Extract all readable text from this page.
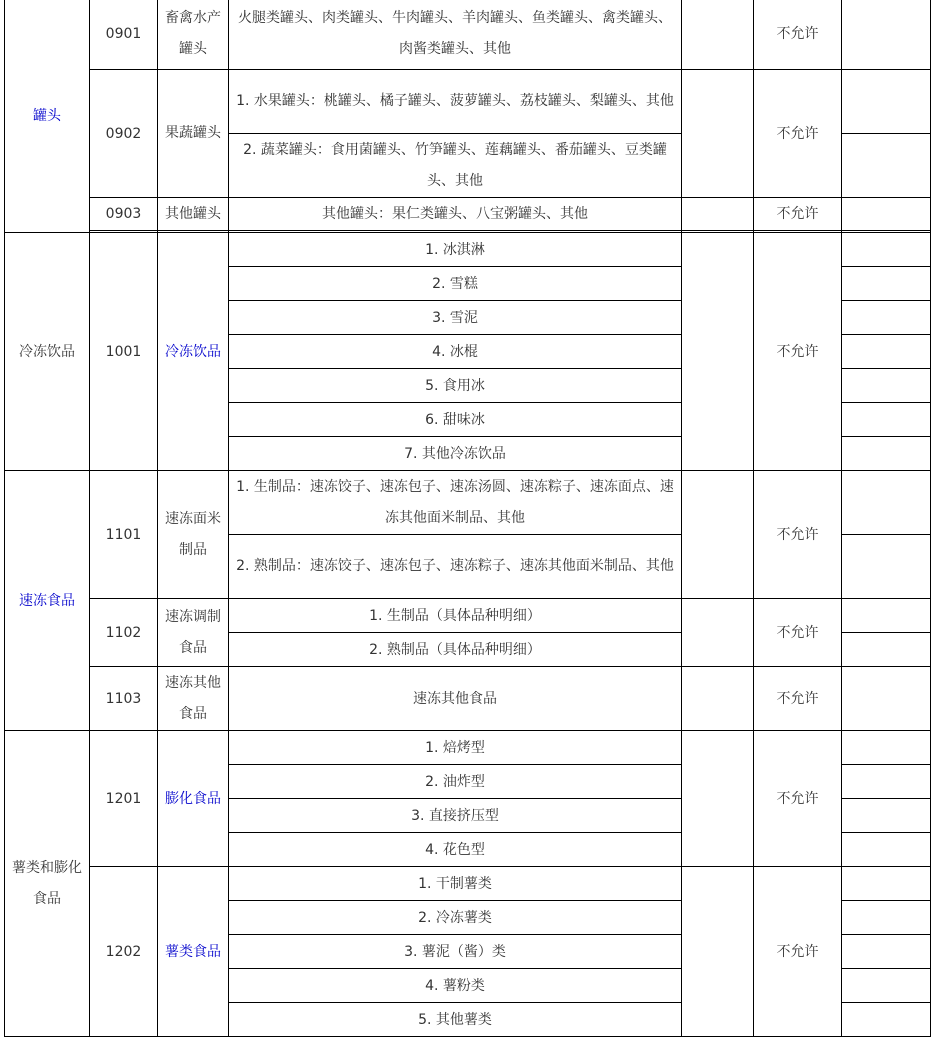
罐头	0901	畜禽水产罐头	火腿类罐头、肉类罐头、牛肉罐头、羊肉罐头、鱼类罐头、禽类罐头、肉酱类罐头、其他		不允许	
	0902	果蔬罐头	1. 水果罐头：桃罐头、橘子罐头、菠萝罐头、荔枝罐头、梨罐头、其他		不允许	
			2. 蔬菜罐头：食用菌罐头、竹笋罐头、莲藕罐头、番茄罐头、豆类罐头、其他			
	0903	其他罐头	其他罐头：果仁类罐头、八宝粥罐头、其他		不允许	

冷冻饮品	1001	冷冻饮品	1. 冰淇淋		不允许	
			2. 雪糕			
			3. 雪泥			
			4. 冰棍			
			5. 食用冰			
			6. 甜味冰			
			7. 其他冷冻饮品			
速冻食品	1101	速冻面米制品	1. 生制品：速冻饺子、速冻包子、速冻汤圆、速冻粽子、速冻面点、速冻其他面米制品、其他		不允许	
			2. 熟制品：速冻饺子、速冻包子、速冻粽子、速冻其他面米制品、其他			
	1102	速冻调制食品	1. 生制品（具体品种明细）		不允许	
			2. 熟制品（具体品种明细）			
	1103	速冻其他食品	速冻其他食品		不允许	
薯类和膨化食品	1201	膨化食品	1. 焙烤型		不允许	
			2. 油炸型			
			3. 直接挤压型			
			4. 花色型			
	1202	薯类食品	1. 干制薯类		不允许	
			2. 冷冻薯类			
			3. 薯泥（酱）类			
			4. 薯粉类			
			5. 其他薯类			
